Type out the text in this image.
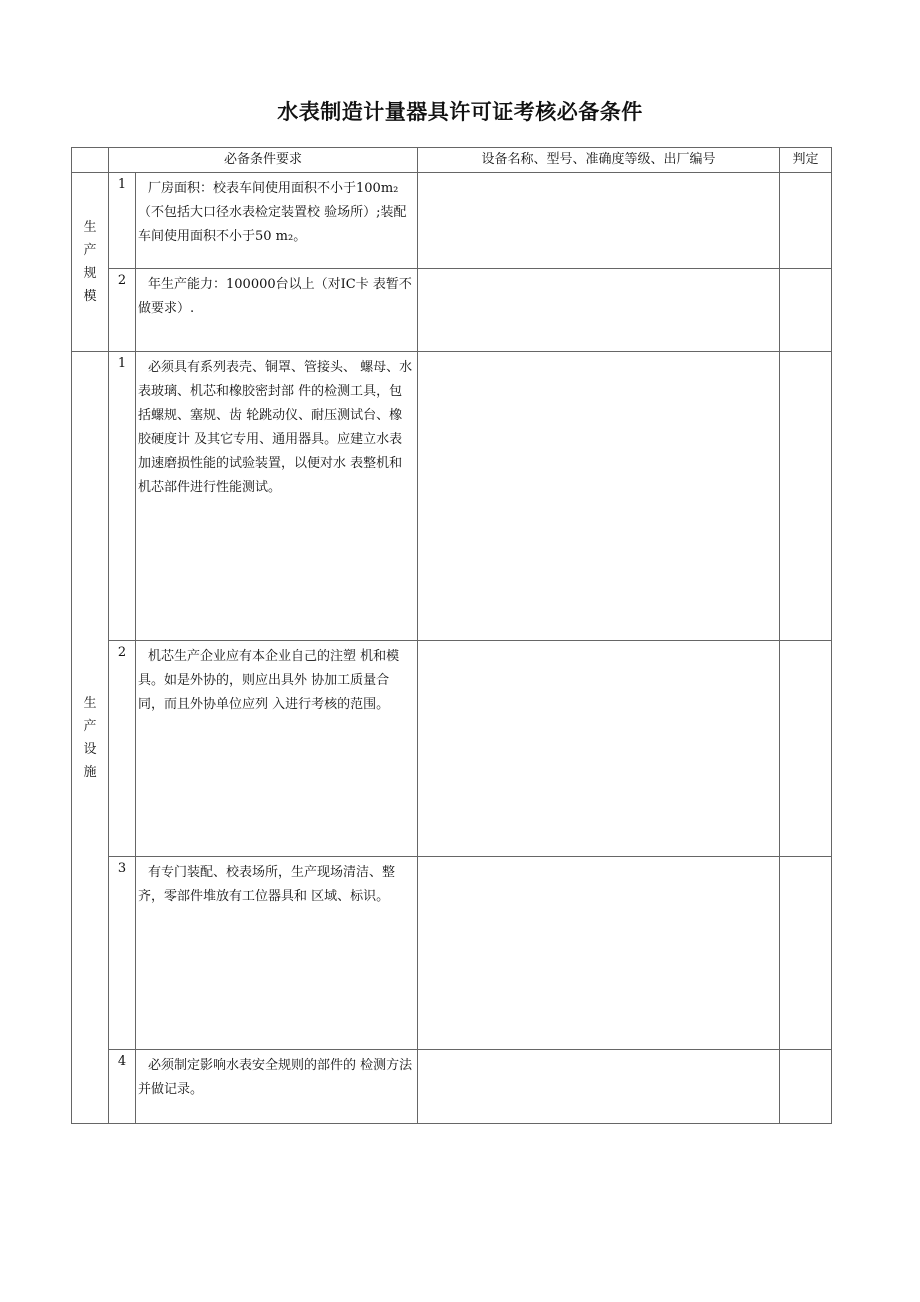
水表制造计量器具许可证考核必备条件
	必备条件要求		设备名称、型号、准确度等级、出厂编号	判定

生
产
规
模	1	厂房面积：校表车间使用面积不小于100m₂（不包括大口径水表检定装置校 验场所）;装配车间使用面积不小于50 m₂。		
	2	年生产能力：100000台以上（对IC卡 表暂不做要求）.		

生
产
设
施	1	必须具有系列表壳、铜罩、管接头、 螺母、水表玻璃、机芯和橡胶密封部 件的检测工具，包括螺规、塞规、齿 轮跳动仪、耐压测试台、橡胶硬度计 及其它专用、通用器具。应建立水表 加速磨损性能的试验装置，以便对水 表整机和机芯部件进行性能测试。		
	2	机芯生产企业应有本企业自己的注塑 机和模具。如是外协的，则应出具外 协加工质量合同，而且外协单位应列 入进行考核的范围。		
	3	有专门装配、校表场所，生产现场清洁、整齐，零部件堆放有工位器具和 区域、标识。		
	4	必须制定影响水表安全规则的部件的 检测方法并做记录。		
